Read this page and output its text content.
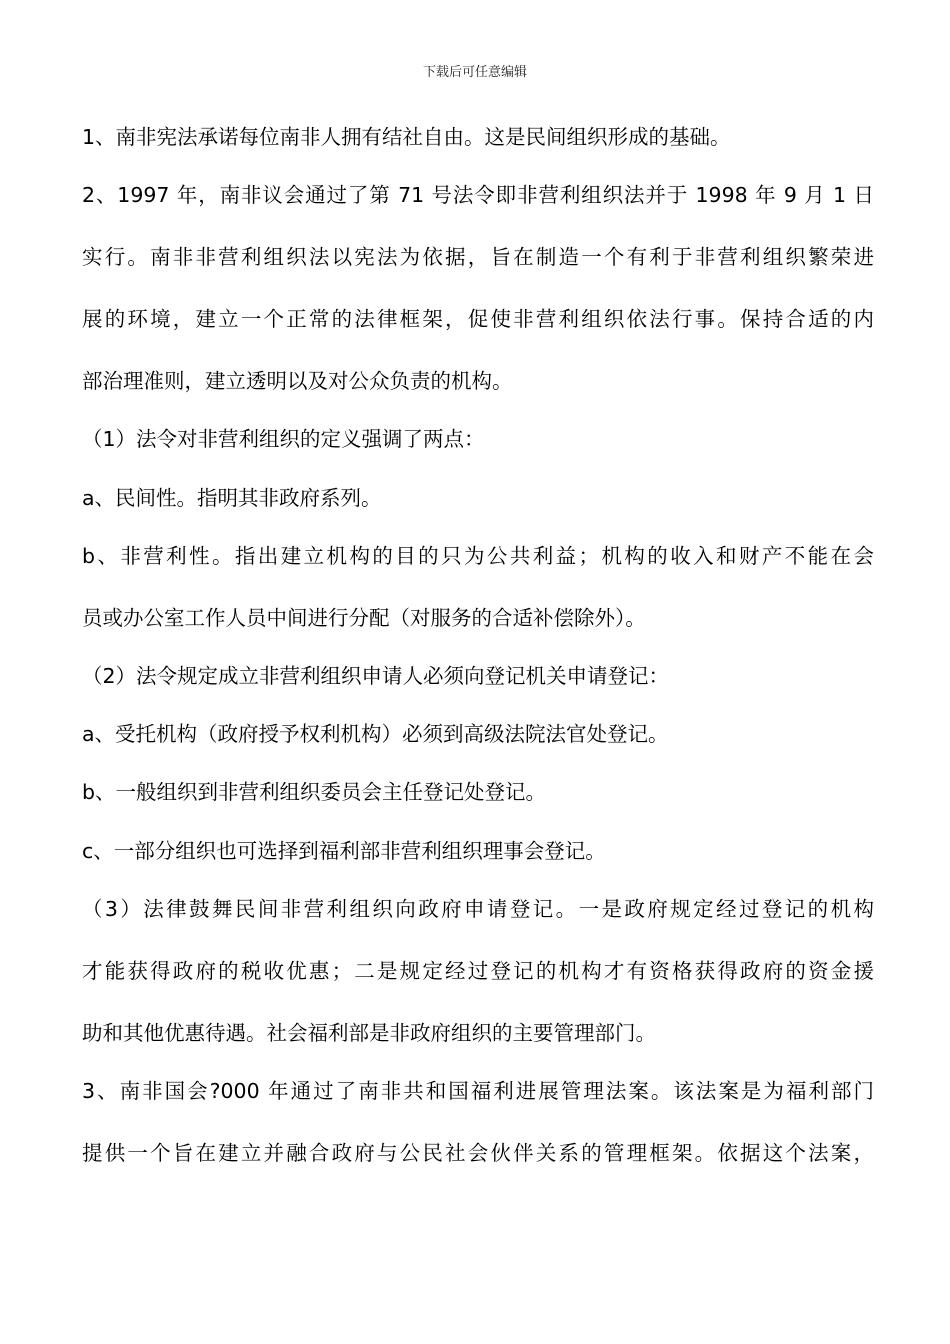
下载后可任意编辑
1、南非宪法承诺每位南非人拥有结社自由。这是民间组织形成的基础。
2、1997 年，南非议会通过了第 71 号法令即非营利组织法并于 1998 年 9 月 1 日
实行。南非非营利组织法以宪法为依据，旨在制造一个有利于非营利组织繁荣进
展的环境，建立一个正常的法律框架，促使非营利组织依法行事。保持合适的内
部治理准则，建立透明以及对公众负责的机构。
（1）法令对非营利组织的定义强调了两点：
a、民间性。指明其非政府系列。
b、非营利性。指出建立机构的目的只为公共利益；机构的收入和财产不能在会
员或办公室工作人员中间进行分配（对服务的合适补偿除外）。
（2）法令规定成立非营利组织申请人必须向登记机关申请登记：
a、受托机构（政府授予权利机构）必须到高级法院法官处登记。
b、一般组织到非营利组织委员会主任登记处登记。
c、一部分组织也可选择到福利部非营利组织理事会登记。
（3）法律鼓舞民间非营利组织向政府申请登记。一是政府规定经过登记的机构
才能获得政府的税收优惠；二是规定经过登记的机构才有资格获得政府的资金援
助和其他优惠待遇。社会福利部是非政府组织的主要管理部门。
3、南非国会?000 年通过了南非共和国福利进展管理法案。该法案是为福利部门
提供一个旨在建立并融合政府与公民社会伙伴关系的管理框架。依据这个法案，
